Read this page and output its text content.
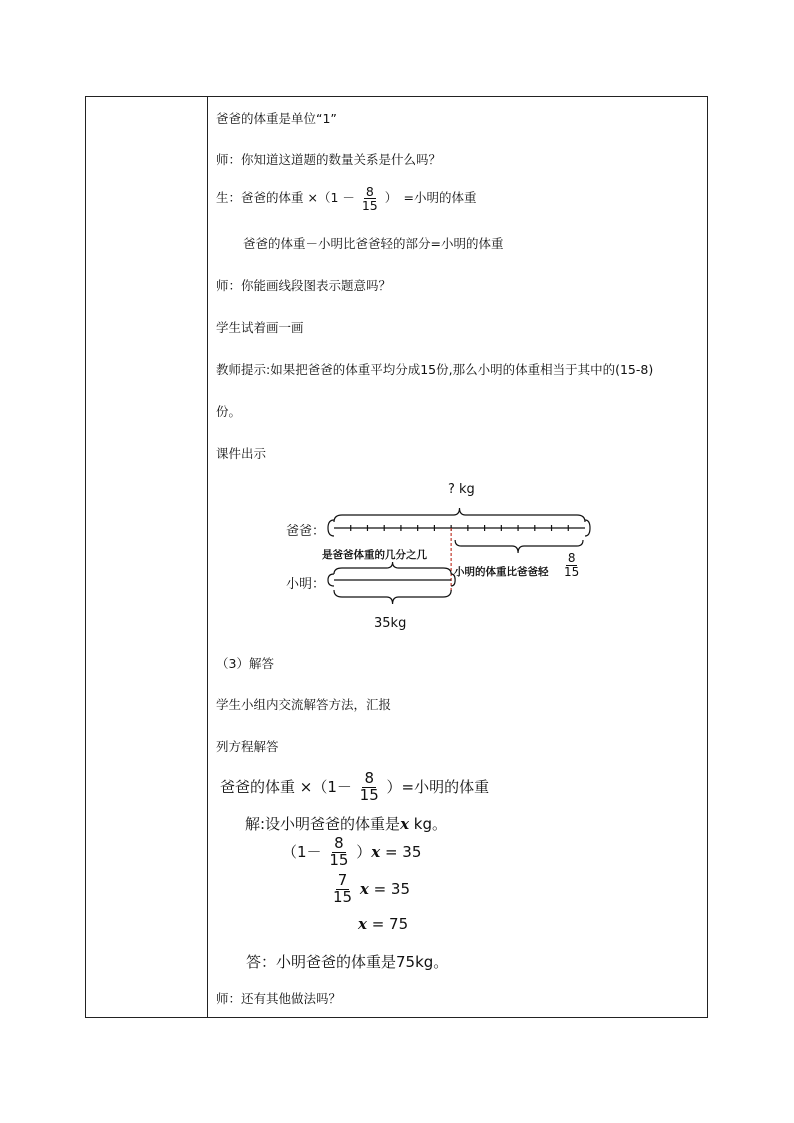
爸爸的体重是单位“1”
师：你知道这道题的数量关系是什么吗？
生：爸爸的体重 $\times(1 - \frac{8}{15}$ ）　=小明的体重
爸爸的体重－小明比爸爸轻的部分=小明的体重
师：你能画线段图表示题意吗？
学生试着画一画
教师提示:如果把爸爸的体重平均分成15份,那么小明的体重相当于其中的(15-8)
份。
课件出示
? kg
爸爸：
小明：
是爸爸体重的几分之几
小明的体重比爸爸轻 $\frac{8}{15}$
35kg
（3）解答
学生小组内交流解答方法，汇报
列方程解答
爸爸的体重 $\times(1- \frac{8}{15}$ ）=小明的体重
解:设小明爸爸的体重是x kg。
$(1- \frac{8}{15} )x = 35$
$\frac{7}{15}$ x = 35
x = 75
答：小明爸爸的体重是75kg。
师：还有其他做法吗？
